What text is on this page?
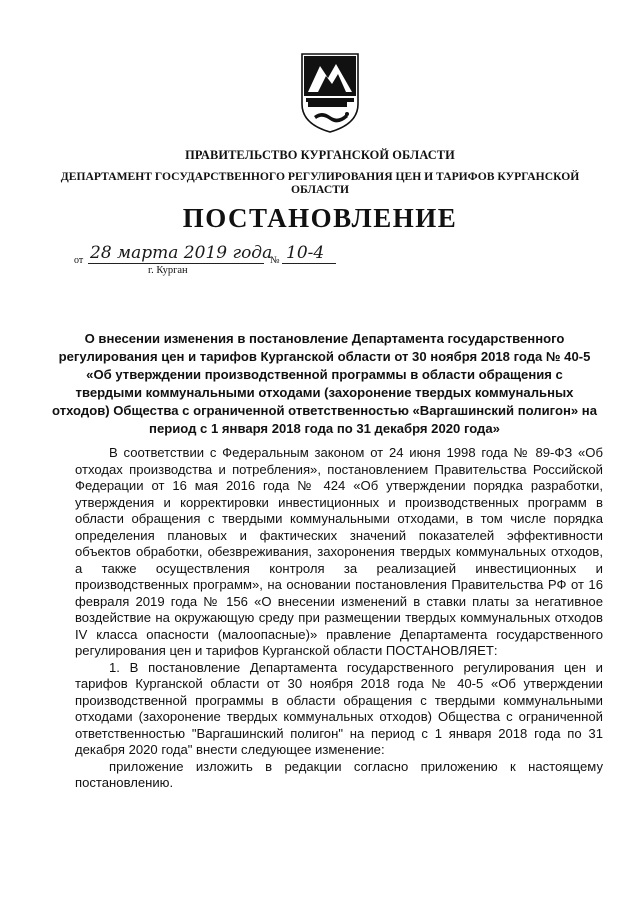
ПРАВИТЕЛЬСТВО КУРГАНСКОЙ ОБЛАСТИ
ДЕПАРТАМЕНТ ГОСУДАРСТВЕННОГО РЕГУЛИРОВАНИЯ ЦЕН И ТАРИФОВ КУРГАНСКОЙ ОБЛАСТИ
ПОСТАНОВЛЕНИЕ
от 28 марта 2019 года
№ 10-4
г. Курган
О внесении изменения в постановление Департамента государственного регулирования цен и тарифов Курганской области от 30 ноября 2018 года № 40-5 «Об утверждении производственной программы в области обращения с твердыми коммунальными отходами (захоронение твердых коммунальных отходов) Общества с ограниченной ответственностью «Варгашинский полигон» на период с 1 января 2018 года по 31 декабря 2020 года»

В соответствии с Федеральным законом от 24 июня 1998 года № 89-ФЗ «Об отходах производства и потребления», постановлением Правительства Российской Федерации от 16 мая 2016 года № 424 «Об утверждении порядка разработки, утверждения и корректировки инвестиционных и производственных программ в области обращения с твердыми коммунальными отходами, в том числе порядка определения плановых и фактических значений показателей эффективности объектов обработки, обезвреживания, захоронения твердых коммунальных отходов, а также осуществления контроля за реализацией инвестиционных и производственных программ», на основании постановления Правительства РФ от 16 февраля 2019 года № 156 «О внесении изменений в ставки платы за негативное воздействие на окружающую среду при размещении твердых коммунальных отходов IV класса опасности (малоопасные)» правление Департамента государственного регулирования цен и тарифов Курганской области ПОСТАНОВЛЯЕТ:

1. В постановление Департамента государственного регулирования цен и тарифов Курганской области от 30 ноября 2018 года № 40-5 «Об утверждении производственной программы в области обращения с твердыми коммунальными отходами (захоронение твердых коммунальных отходов) Общества с ограниченной ответственностью "Варгашинский полигон" на период с 1 января 2018 года по 31 декабря 2020 года" внести следующее изменение:

приложение изложить в редакции согласно приложению к настоящему постановлению.
